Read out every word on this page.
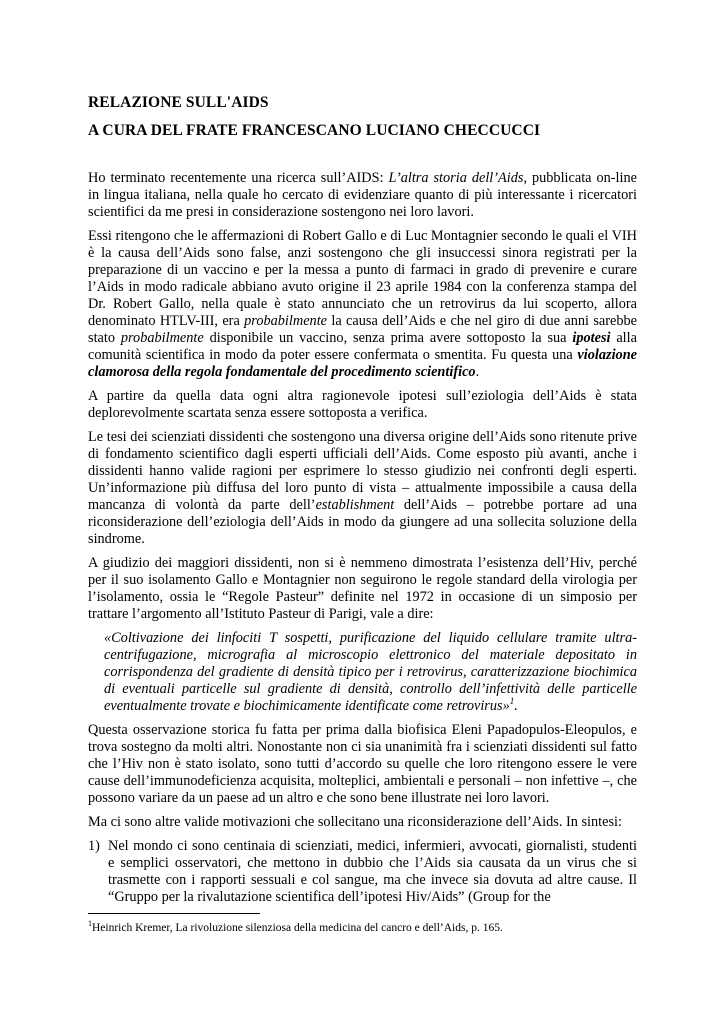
RELAZIONE SULL'AIDS
A CURA DEL FRATE FRANCESCANO LUCIANO CHECCUCCI

Ho terminato recentemente una ricerca sull’AIDS: L’altra storia dell’Aids, pubblicata on-line in lingua italiana, nella quale ho cercato di evidenziare quanto di più interessante i ricercatori scientifici da me presi in considerazione sostengono nei loro lavori.

Essi ritengono che le affermazioni di Robert Gallo e di Luc Montagnier secondo le quali el VIH è la causa dell’Aids sono false, anzi sostengono che gli insuccessi sinora registrati per la preparazione di un vaccino e per la messa a punto di farmaci in grado di prevenire e curare l’Aids in modo radicale abbiano avuto origine il 23 aprile 1984 con la conferenza stampa del Dr. Robert Gallo, nella quale è stato annunciato che un retrovirus da lui scoperto, allora denominato HTLV-III, era probabilmente la causa dell’Aids e che nel giro di due anni sarebbe stato probabilmente disponibile un vaccino, senza prima avere sottoposto la sua ipotesi alla comunità scientifica in modo da poter essere confermata o smentita. Fu questa una violazione clamorosa della regola fondamentale del procedimento scientifico.

A partire da quella data ogni altra ragionevole ipotesi sull’eziologia dell’Aids è stata deplorevolmente scartata senza essere sottoposta a verifica.

Le tesi dei scienziati dissidenti che sostengono una diversa origine dell’Aids sono ritenute prive di fondamento scientifico dagli esperti ufficiali dell’Aids. Come esposto più avanti, anche i dissidenti hanno valide ragioni per esprimere lo stesso giudizio nei confronti degli esperti. Un’informazione più diffusa del loro punto di vista – attualmente impossibile a causa della mancanza di volontà da parte dell’establishment dell’Aids – potrebbe portare ad una riconsiderazione dell’eziologia dell’Aids in modo da giungere ad una sollecita soluzione della sindrome.

A giudizio dei maggiori dissidenti, non si è nemmeno dimostrata l’esistenza dell’Hiv, perché per il suo isolamento Gallo e Montagnier non seguirono le regole standard della virologia per l’isolamento, ossia le “Regole Pasteur” definite nel 1972 in occasione di un simposio per trattare l’argomento all’Istituto Pasteur di Parigi, vale a dire:

«Coltivazione dei linfociti T sospetti, purificazione del liquido cellulare tramite ultra-centrifugazione, micrografia al microscopio elettronico del materiale depositato in corrispondenza del gradiente di densità tipico per i retrovirus, caratterizzazione biochimica di eventuali particelle sul gradiente di densità, controllo dell’infettività delle particelle eventualmente trovate e biochimicamente identificate come retrovirus»$^1$.

Questa osservazione storica fu fatta per prima dalla biofisica Eleni Papadopulos-Eleopulos, e trova sostegno da molti altri. Nonostante non ci sia unanimità fra i scienziati dissidenti sul fatto che l’Hiv non è stato isolato, sono tutti d’accordo su quelle che loro ritengono essere le vere cause dell’immunodeficienza acquisita, molteplici, ambientali e personali – non infettive –, che possono variare da un paese ad un altro e che sono bene illustrate nei loro lavori.

Ma ci sono altre valide motivazioni che sollecitano una riconsiderazione dell’Aids. In sintesi:

1) Nel mondo ci sono centinaia di scienziati, medici, infermieri, avvocati, giornalisti, studenti e semplici osservatori, che mettono in dubbio che l’Aids sia causata da un virus che si trasmette con i rapporti sessuali e col sangue, ma che invece sia dovuta ad altre cause. Il “Gruppo per la rivalutazione scientifica dell’ipotesi Hiv/Aids” (Group for the
$^1$Heinrich Kremer, La rivoluzione silenziosa della medicina del cancro e dell’Aids, p. 165.
